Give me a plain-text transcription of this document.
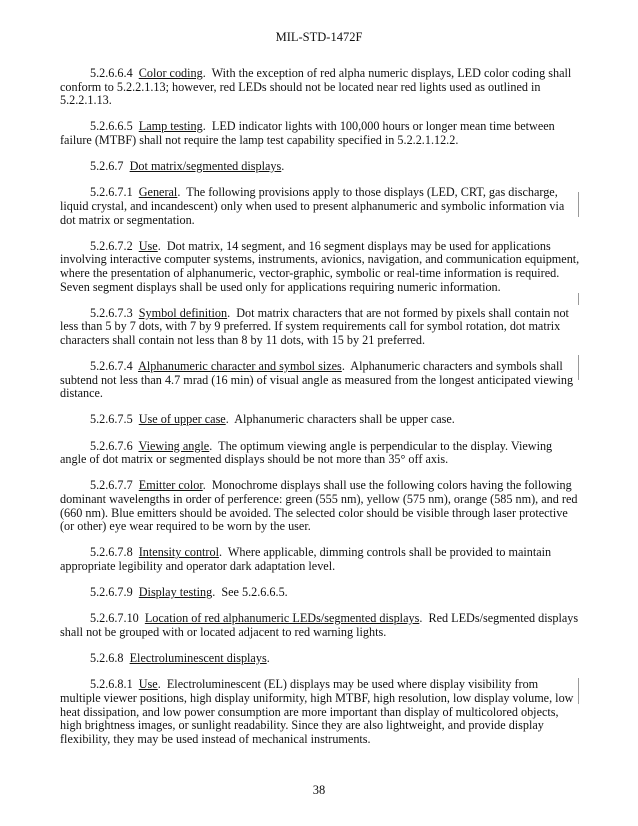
MIL-STD-1472F

5.2.6.6.4 Color coding.  With the exception of red alpha numeric displays, LED color coding shall conform to 5.2.2.1.13; however, red LEDs should not be located near red lights used as outlined in 5.2.2.1.13.

5.2.6.6.5 Lamp testing.  LED indicator lights with 100,000 hours or longer mean time between failure (MTBF) shall not require the lamp test capability specified in 5.2.2.1.12.2.

5.2.6.7 Dot matrix/segmented displays.

5.2.6.7.1 General.  The following provisions apply to those displays (LED, CRT, gas discharge, liquid crystal, and incandescent) only when used to present alphanumeric and symbolic information via dot matrix or segmentation.

5.2.6.7.2 Use.  Dot matrix, 14 segment, and 16 segment displays may be used for applications involving interactive computer systems, instruments, avionics, navigation, and communication equipment, where the presentation of alphanumeric, vector-graphic, symbolic or real-time information is required. Seven segment displays shall be used only for applications requiring numeric information.

5.2.6.7.3 Symbol definition.  Dot matrix characters that are not formed by pixels shall contain not less than 5 by 7 dots, with 7 by 9 preferred. If system requirements call for symbol rotation, dot matrix characters shall contain not less than 8 by 11 dots, with 15 by 21 preferred.

5.2.6.7.4 Alphanumeric character and symbol sizes.  Alphanumeric characters and symbols shall subtend not less than 4.7 mrad (16 min) of visual angle as measured from the longest anticipated viewing distance.

5.2.6.7.5 Use of upper case.  Alphanumeric characters shall be upper case.

5.2.6.7.6 Viewing angle.  The optimum viewing angle is perpendicular to the display. Viewing angle of dot matrix or segmented displays should be not more than 35° off axis.

5.2.6.7.7 Emitter color.  Monochrome displays shall use the following colors having the following dominant wavelengths in order of perference: green (555 nm), yellow (575 nm), orange (585 nm), and red (660 nm). Blue emitters should be avoided. The selected color should be visible through laser protective (or other) eye wear required to be worn by the user.

5.2.6.7.8 Intensity control.  Where applicable, dimming controls shall be provided to maintain appropriate legibility and operator dark adaptation level.

5.2.6.7.9 Display testing.  See 5.2.6.6.5.

5.2.6.7.10 Location of red alphanumeric LEDs/segmented displays.  Red LEDs/segmented displays shall not be grouped with or located adjacent to red warning lights.

5.2.6.8 Electroluminescent displays.

5.2.6.8.1 Use.  Electroluminescent (EL) displays may be used where display visibility from multiple viewer positions, high display uniformity, high MTBF, high resolution, low display volume, low heat dissipation, and low power consumption are more important than display of multicolored objects, high brightness images, or sunlight readability. Since they are also lightweight, and provide display flexibility, they may be used instead of mechanical instruments.

38
